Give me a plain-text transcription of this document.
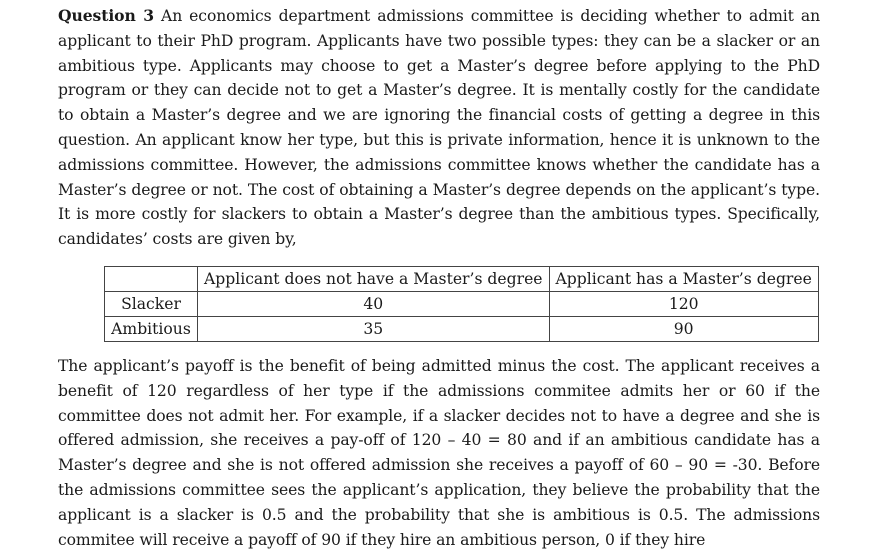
Question 3 An economics department admissions committee is deciding whether to admit an applicant to their PhD program. Applicants have two possible types: they can be a slacker or an ambitious type. Applicants may choose to get a Master’s degree before applying to the PhD program or they can decide not to get a Master’s degree. It is mentally costly for the candidate to obtain a Master’s degree and we are ignoring the financial costs of getting a degree in this question. An applicant know her type, but this is private information, hence it is unknown to the admissions committee. However, the admissions committee knows whether the candidate has a Master’s degree or not. The cost of obtaining a Master’s degree depends on the applicant’s type. It is more costly for slackers to obtain a Master’s degree than the ambitious types. Specifically, candidates’ costs are given by,

	Applicant does not have a Master’s degree	Applicant has a Master’s degree
Slacker	40	120
Ambitious	35	90

The applicant’s payoff is the benefit of being admitted minus the cost. The applicant receives a benefit of 120 regardless of her type if the admissions commitee admits her or 60 if the committee does not admit her. For example, if a slacker decides not to have a degree and she is offered admission, she receives a pay-off of 120 – 40 = 80 and if an ambitious candidate has a Master’s degree and she is not offered admission she receives a payoff of 60 – 90 = -30. Before the admissions committee sees the applicant’s application, they believe the probability that the applicant is a slacker is 0.5 and the probability that she is ambitious is 0.5. The admissions commitee will receive a payoff of 90 if they hire an ambitious person, 0 if they hire
